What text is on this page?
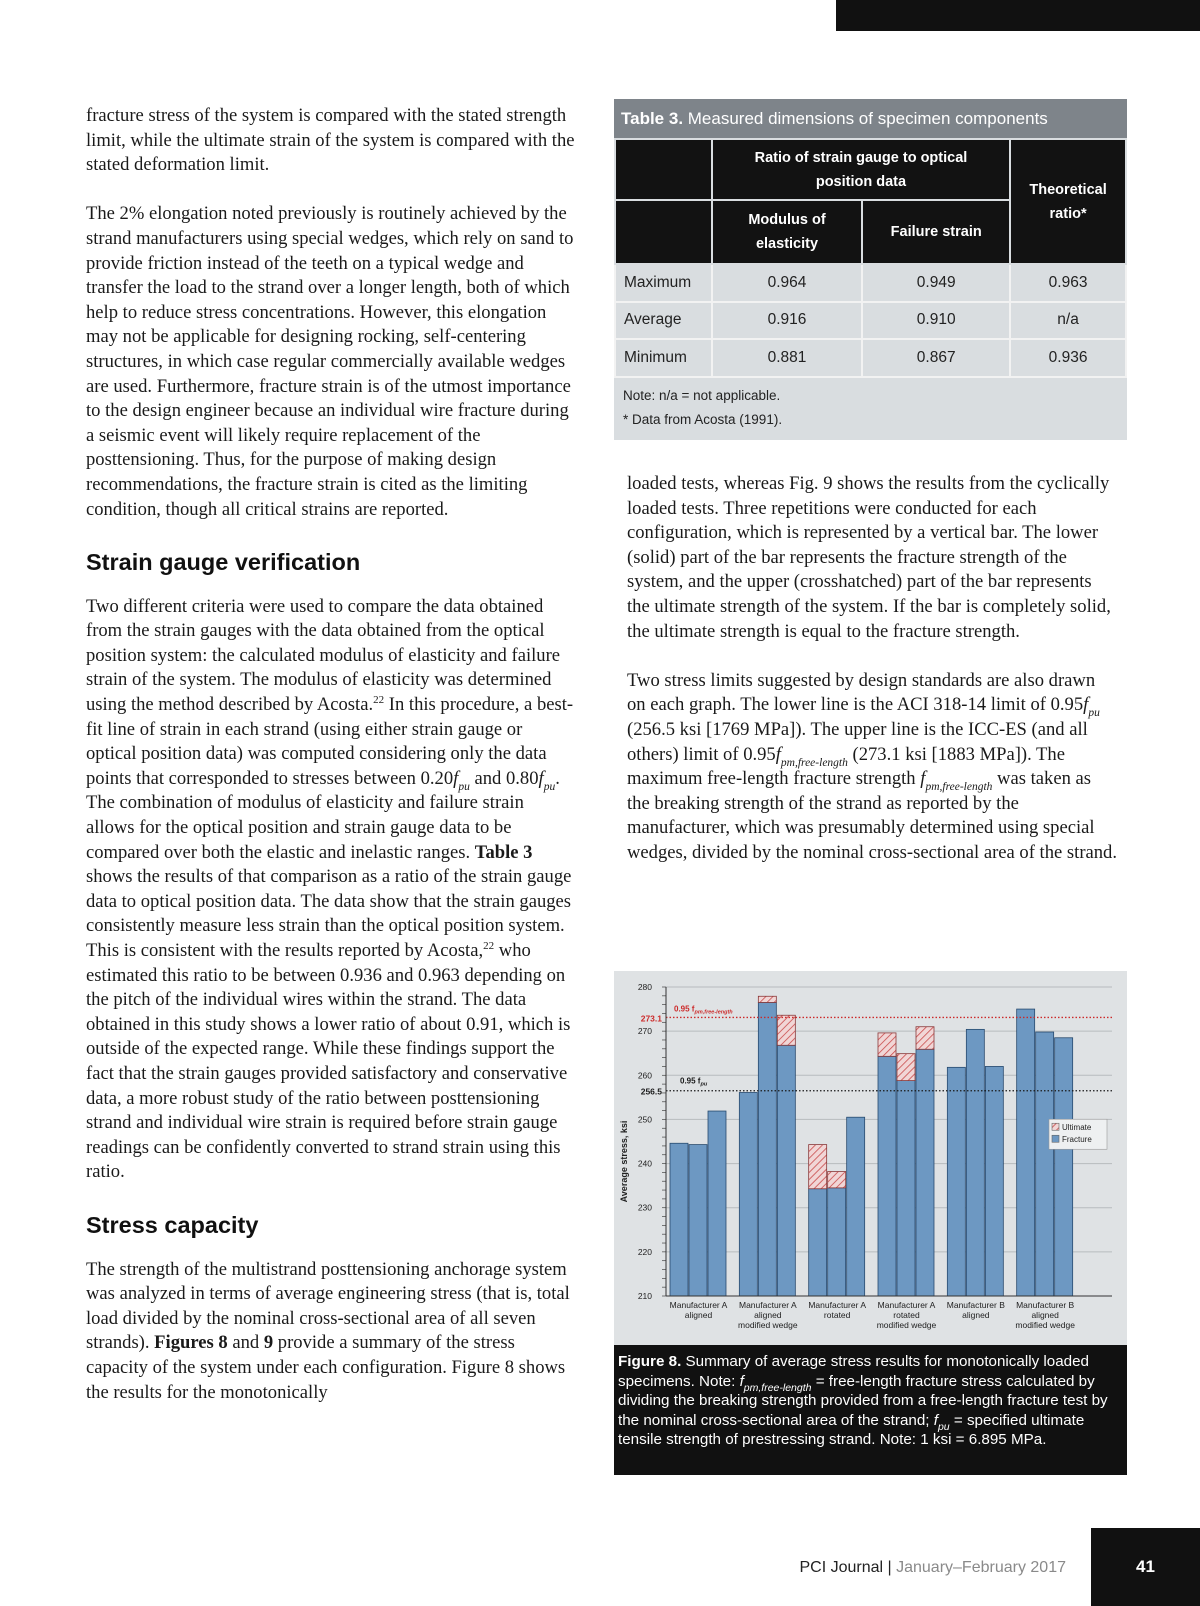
fracture stress of the system is compared with the stated strength limit, while the ultimate strain of the system is compared with the stated deformation limit.

The 2% elongation noted previously is routinely achieved by the strand manufacturers using special wedges, which rely on sand to provide friction instead of the teeth on a typical wedge and transfer the load to the strand over a longer length, both of which help to reduce stress concentrations. However, this elongation may not be applicable for designing rocking, self-centering structures, in which case regular commercially available wedges are used. Furthermore, fracture strain is of the utmost importance to the design engineer because an individual wire fracture during a seismic event will likely require replacement of the posttensioning. Thus, for the purpose of making design recommendations, the fracture strain is cited as the limiting condition, though all critical strains are reported.

Strain gauge verification

Two different criteria were used to compare the data obtained from the strain gauges with the data obtained from the optical position system: the calculated modulus of elasticity and failure strain of the system. The modulus of elasticity was determined using the method described by Acosta.$^{22}$ In this procedure, a best-fit line of strain in each strand (using either strain gauge or optical position data) was computed considering only the data points that corresponded to stresses between $0.20f_{pu}$ and $0.80f_{pu}$. The combination of modulus of elasticity and failure strain allows for the optical position and strain gauge data to be compared over both the elastic and inelastic ranges. Table 3 shows the results of that comparison as a ratio of the strain gauge data to optical position data. The data show that the strain gauges consistently measure less strain than the optical position system. This is consistent with the results reported by Acosta,$^{22}$ who estimated this ratio to be between 0.936 and 0.963 depending on the pitch of the individual wires within the strand. The data obtained in this study shows a lower ratio of about 0.91, which is outside of the expected range. While these findings support the fact that the strain gauges provided satisfactory and conservative data, a more robust study of the ratio between posttensioning strand and individual wire strain is required before strain gauge readings can be confidently converted to strand strain using this ratio.

Stress capacity

The strength of the multistrand posttensioning anchorage system was analyzed in terms of average engineering stress (that is, total load divided by the nominal cross-sectional area of all seven strands). Figures 8 and 9 provide a summary of the stress capacity of the system under each configuration. Figure 8 shows the results for the monotonically

Table 3. Measured dimensions of specimen components
	Ratio of strain gauge to optical position data		Theoretical ratio*
	Modulus of elasticity	Failure strain	
Maximum	0.964	0.949	0.963
Average	0.916	0.910	n/a
Minimum	0.881	0.867	0.936
Note: n/a = not applicable.
* Data from Acosta (1991).

loaded tests, whereas Fig. 9 shows the results from the cyclically loaded tests. Three repetitions were conducted for each configuration, which is represented by a vertical bar. The lower (solid) part of the bar represents the fracture strength of the system, and the upper (crosshatched) part of the bar represents the ultimate strength of the system. If the bar is completely solid, the ultimate strength is equal to the fracture strength.

Two stress limits suggested by design standards are also drawn on each graph. The lower line is the ACI 318-14 limit of $0.95f_{pu}$ (256.5 ksi [1769 MPa]). The upper line is the ICC-ES (and all others) limit of $0.95f_{pm,free-length}$ (273.1 ksi [1883 MPa]). The maximum free-length fracture strength $f_{pm,free-length}$ was taken as the breaking strength of the strand as reported by the manufacturer, which was presumably determined using special wedges, divided by the nominal cross-sectional area of the strand.

273.1
0.95 $f_{pm,free-length}$
256.5
0.95 $f_{pu}$
210
220
230
240
250
260
270
280
Average stress, ksi
Manufacturer A
aligned
Manufacturer A
aligned
modified wedge
Manufacturer A
rotated
Manufacturer A
rotated
modified wedge
Manufacturer B
aligned
Manufacturer B
aligned
modified wedge
Ultimate
Fracture
Figure 8. Summary of average stress results for monotonically loaded specimens. Note: $f_{pm,free-length}$ = free-length fracture stress calculated by dividing the breaking strength provided from a free-length fracture test by the nominal cross-sectional area of the strand; $f_{pu}$ = specified ultimate tensile strength of prestressing strand. Note: 1 ksi = 6.895 MPa.
PCI Journal | January–February 2017	41
